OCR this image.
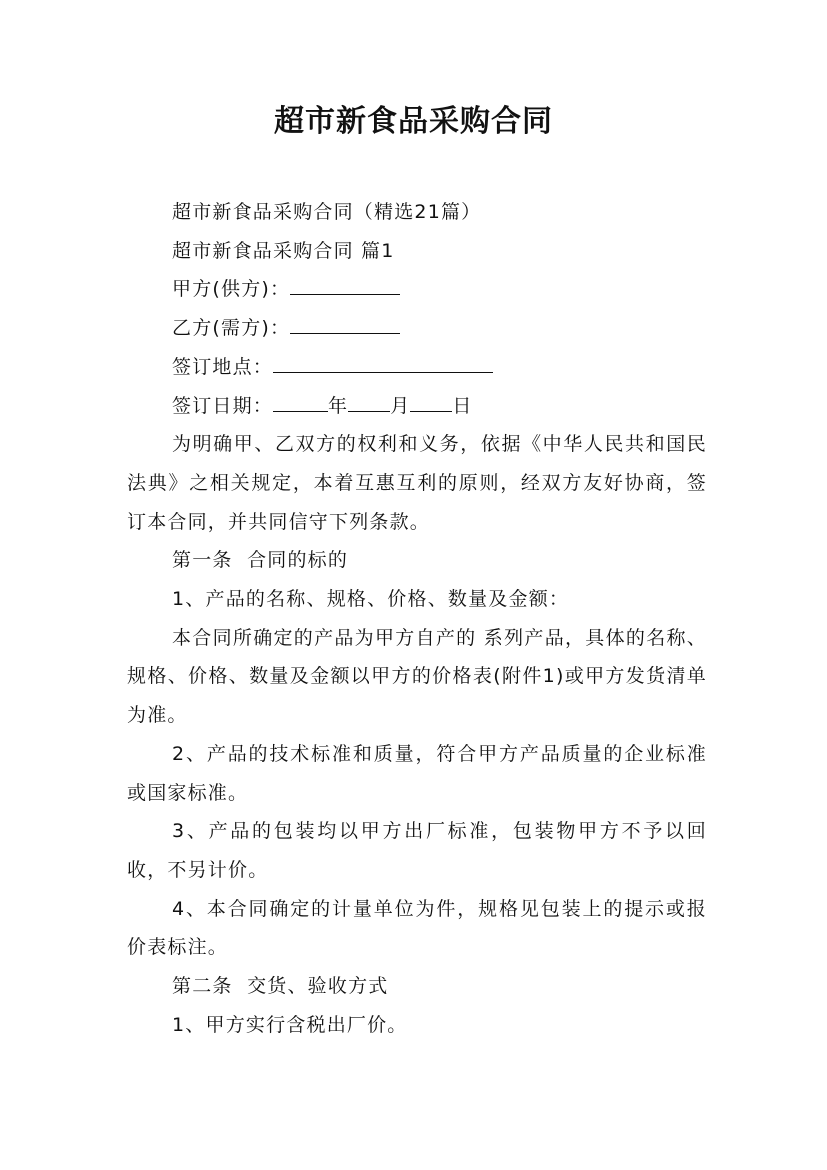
超市新食品采购合同

超市新食品采购合同（精选21篇）

超市新食品采购合同 篇1

甲方(供方)：

乙方(需方)：

签订地点：

签订日期：	年 月 日

为明确甲、乙双方的权利和义务，依据《中华人民共和国民法典》之相关规定，本着互惠互利的原则，经双方友好协商，签订本合同，并共同信守下列条款。

第一条  合同的标的

1、产品的名称、规格、价格、数量及金额：

本合同所确定的产品为甲方自产的 系列产品，具体的名称、规格、价格、数量及金额以甲方的价格表(附件1)或甲方发货清单为准。

2、产品的技术标准和质量，符合甲方产品质量的企业标准或国家标准。

3、产品的包装均以甲方出厂标准，包装物甲方不予以回收，不另计价。

4、本合同确定的计量单位为件，规格见包装上的提示或报价表标注。

第二条  交货、验收方式

1、甲方实行含税出厂价。
